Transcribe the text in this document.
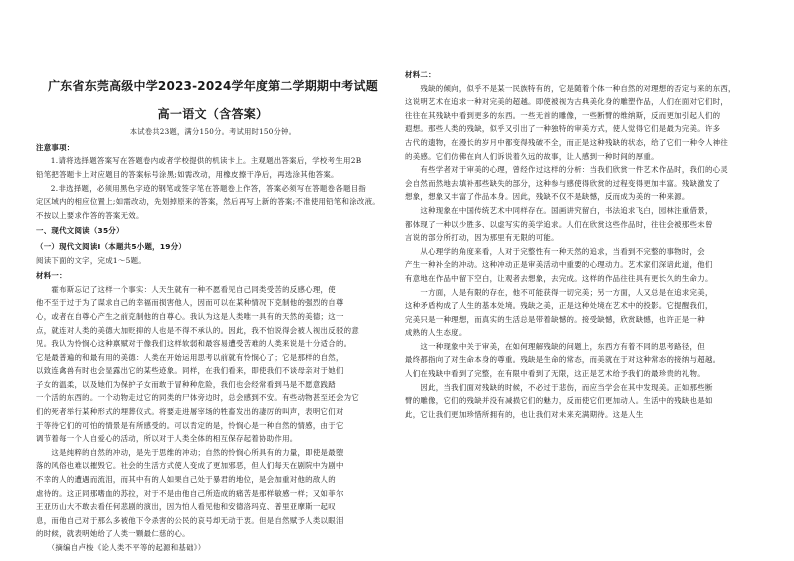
广东省东莞高级中学2023-2024学年度第二学期期中考试题
高一语文（含答案）
本试卷共23题，满分150分。考试用时150分钟。
注意事项：
1.请将选择题答案写在答题卷内或者学校提供的机读卡上。主观题出答案后，学校考生用2B
铅笔把答题卡上对应题目的答案标号涂黑;如需改动，用橡皮擦干净后，再选涂其他答案。
2.非选择题，必须用黑色字迹的钢笔或签字笔在答题卷上作答，答案必须写在答题卷各题目指
定区域内的相应位置上;如需改动，先划掉原来的答案，然后再写上新的答案;不准使用铅笔和涂改液。
不按以上要求作答的答案无效。
一、现代文阅读（35分）
（一）现代文阅读Ⅰ（本题共5小题，19分）
阅读下面的文字，完成1～5题。
材料一：
　　霍布斯忘记了这样一个事实：人天生就有一种不愿看见自己同类受苦的反感心理，使
他不至于过于为了谋求自己的幸福而损害他人，因而可以在某种情况下克制他的强烈的自尊
心，或者在自尊心产生之前克制他的自尊心。我认为这是人类唯一具有的天然的美德；这一
点，就连对人类的美德大加贬抑的人也是不得不承认的。因此，我不怕说得会被人视出反驳的意
见。我认为怜悯心这种禀赋对于像我们这样软弱和最容易遭受苦难的人类来说是十分适合的。
它是最普遍的和最有用的美德：人类在开始运用思考以前就有怜悯心了；它是那样的自然，
以致连禽兽有时也会显露出它的某些迹象。同样，在我们看来，即使我们不谈母亲对于她们
子女的温柔，以及她们为保护子女而敢于冒种种危险，我们也会经常看到马是不愿意践踏
一个活的东西的。一个动物走过它的同类的尸体旁边时，总会感到不安。有些动物甚至还会为它
们的死者举行某种形式的埋葬仪式。将要走进屠宰场的牲畜发出的凄厉的叫声，表明它们对
于等待它们的可怕的情景是有所感受的。可以肯定的是，怜悯心是一种自然的情感，由于它
调节着每一个人自爱心的活动，所以对于人类全体的相互保存起着协助作用。
　　这是纯粹的自然的冲动，是先于思维的冲动；自然的怜悯心所具有的力量，即使是最堕
落的风俗也难以摧毁它。社会的生活方式使人变成了更加邪恶，但人们每天在剧院中为剧中
不幸的人的遭遇而流泪，而其中有的人如果自己处于暴君的地位，是会加重对他的敌人的
虐待的。这正同那嗜血的苏拉，对于不是由他自己所造成的痛苦是那样敏感一样；又如菲尔
王亚历山大不敢去看任何悲剧的演出，因为怕人看见他和安德洛玛克、普里亚摩斯一起叹
息，而他自己对于那么多被他下令杀害的公民的哀号却无动于衷。但是自然赋予人类以眼泪
的时候，就表明她给了人类一颗最仁慈的心。
　　（摘编自卢梭《论人类不平等的起源和基础》）
材料二：
　　残缺的倾向，似乎不是某一民族特有的，它是随着个体一种自然的对理想的否定与来的东西，
这说明艺术在追求一种对完美的超越。即使被视为古典美化身的雕塑作品，人们在面对它们时，
往往在其残缺中看到更多的东西。一些无首的雕像，一些断臂的维纳斯，反而更加引起人们的
遐想。那些人类的残缺，似乎又引出了一种独特的审美方式，使人觉得它们是最为完美。许多
古代的遗物，在漫长的岁月中都变得残破不全，而正是这种残缺的状态，给了它们一种令人神往
的美感。它们仿佛在向人们诉说着久远的故事，让人感到一种时间的厚重。
　　有些学者对于审美的心理，曾经作过这样的分析：当我们欣赏一件艺术作品时，我们的心灵
会自然而然地去填补那些缺失的部分，这种参与感使得欣赏的过程变得更加丰富。残缺激发了
想象，想象又丰富了作品本身。因此，残缺不仅不是缺憾，反而成为美的一种来源。
　　这种现象在中国传统艺术中同样存在。国画讲究留白，书法追求飞白，园林注重借景，
都体现了一种以少胜多、以虚写实的美学追求。人们在欣赏这些作品时，往往会被那些未曾
言说的部分所打动，因为那里有无限的可能。
　　从心理学的角度来看，人对于完整性有一种天然的追求，当看到不完整的事物时，会
产生一种补全的冲动。这种冲动正是审美活动中重要的心理动力。艺术家们深谙此道，他们
有意地在作品中留下空白，让观者去想象，去完成。这样的作品往往具有更长久的生命力。
　　一方面，人是有限的存在，他不可能获得一切完美；另一方面，人又总是在追求完美，
这种矛盾构成了人生的基本处境。残缺之美，正是这种处境在艺术中的投影。它提醒我们，
完美只是一种理想，而真实的生活总是带着缺憾的。接受缺憾，欣赏缺憾，也许正是一种
成熟的人生态度。
　　这一种现象中关于审美，在如何理解残缺的问题上，东西方有着不同的思考路径，但
最终都指向了对生命本身的尊重。残缺是生命的常态，而美就在于对这种常态的接纳与超越。
人们在残缺中看到了完整，在有限中看到了无限，这正是艺术给予我们的最珍贵的礼物。
　　因此，当我们面对残缺的时候，不必过于悲伤，而应当学会在其中发现美。正如那些断
臂的雕像，它们的残缺并没有减损它们的魅力，反而使它们更加动人。生活中的残缺也是如
此，它让我们更加珍惜所拥有的，也让我们对未来充满期待。这是人生
